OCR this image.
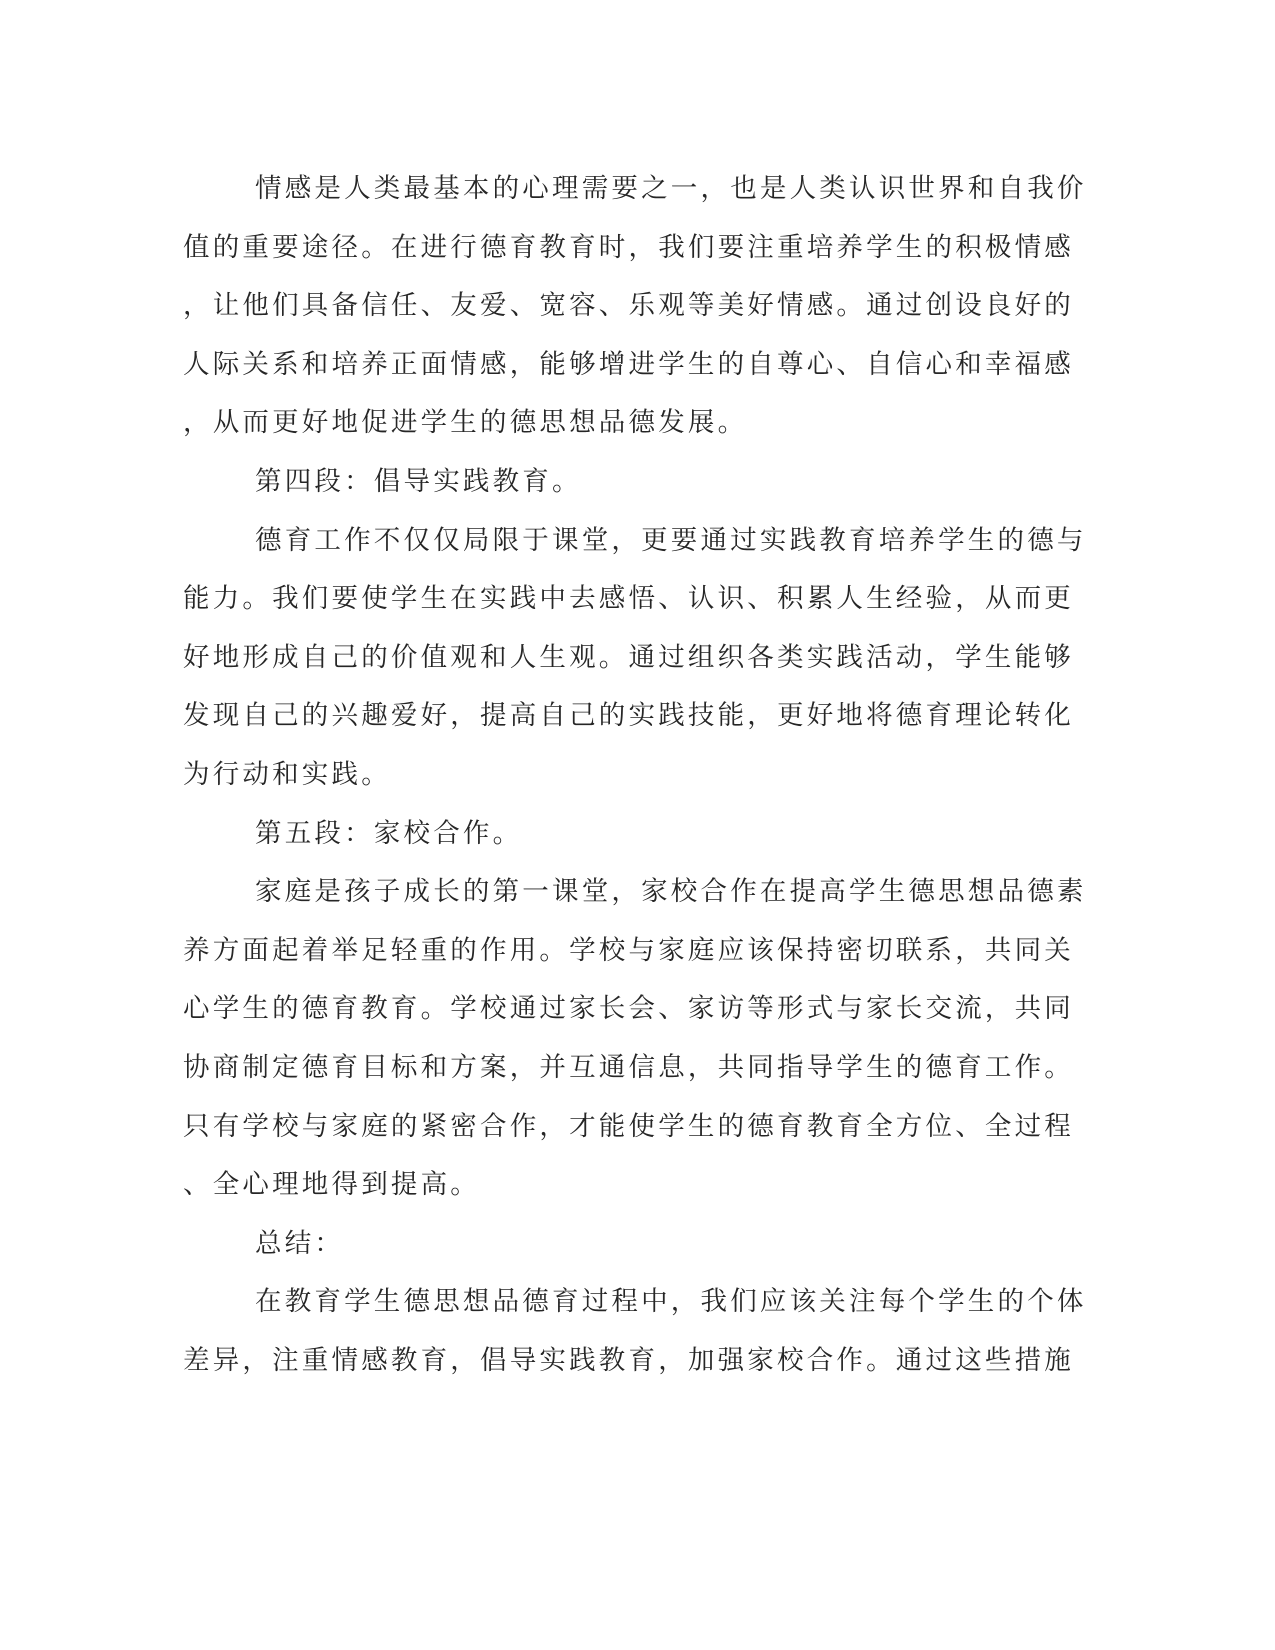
情感是人类最基本的心理需要之一，也是人类认识世界和自我价
值的重要途径。在进行德育教育时，我们要注重培养学生的积极情感
，让他们具备信任、友爱、宽容、乐观等美好情感。通过创设良好的
人际关系和培养正面情感，能够增进学生的自尊心、自信心和幸福感
，从而更好地促进学生的德思想品德发展。
第四段：倡导实践教育。
德育工作不仅仅局限于课堂，更要通过实践教育培养学生的德与
能力。我们要使学生在实践中去感悟、认识、积累人生经验，从而更
好地形成自己的价值观和人生观。通过组织各类实践活动，学生能够
发现自己的兴趣爱好，提高自己的实践技能，更好地将德育理论转化
为行动和实践。
第五段：家校合作。
家庭是孩子成长的第一课堂，家校合作在提高学生德思想品德素
养方面起着举足轻重的作用。学校与家庭应该保持密切联系，共同关
心学生的德育教育。学校通过家长会、家访等形式与家长交流，共同
协商制定德育目标和方案，并互通信息，共同指导学生的德育工作。
只有学校与家庭的紧密合作，才能使学生的德育教育全方位、全过程
、全心理地得到提高。
总结：
在教育学生德思想品德育过程中，我们应该关注每个学生的个体
差异，注重情感教育，倡导实践教育，加强家校合作。通过这些措施
